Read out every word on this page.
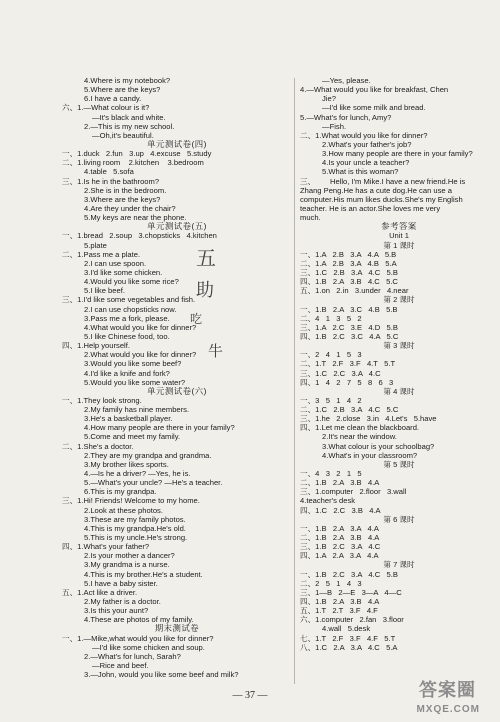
4.Where is my notebook?
5.Where are the keys?
6.I have a candy.
六、1.—What colour is it?
—It's black and white.
2.—This is my new school.
—Oh,it's beautiful.
单元测试卷(四)
一、1.duck   2.fun   3.up   4.excuse   5.study
二、1.living room    2.kitchen    3.bedroom
4.table   5.sofa
三、1.Is he in the bathroom?
2.She is in the bedroom.
3.Where are the keys?
4.Are they under the chair?
5.My keys are near the phone.
单元测试卷(五)
一、1.bread   2.soup   3.chopsticks   4.kitchen
5.plate
二、1.Pass me a plate.
2.I can use spoon.
3.I'd like some chicken.
4.Would you like some rice?
5.I like beef.
三、1.I'd like some vegetables and fish.
2.I can use chopsticks now.
3.Pass me a fork, please.
4.What would you like for dinner?
5.I like Chinese food, too.
四、1.Help yourself.
2.What would you like for dinner?
3.Would you like some beef?
4.I'd like a knife and fork?
5.Would you like some water?
单元测试卷(六)
一、1.They look strong.
2.My family has nine members.
3.He's a basketball player.
4.How many people are there in your family?
5.Come and meet my family.
二、1.She's a doctor.
2.They are my grandpa and grandma.
3.My brother likes sports.
4.—Is he a driver? —Yes, he is.
5.—What's your uncle? —He's a teacher.
6.This is my grandpa.
三、1.Hi! Friends! Welcome to my home.
2.Look at these photos.
3.These are my family photos.
4.This is my grandpa.He's old.
5.This is my uncle.He's strong.
四、1.What's your father?
2.Is your mother a dancer?
3.My grandma is a nurse.
4.This is my brother.He's a student.
5.I have a baby sister.
五、1.Act like a driver.
2.My father is a doctor.
3.Is this your aunt?
4.These are photos of my family.
期末测试卷
一、1.—Mike,what would you like for dinner?
—I'd like some chicken and soup.
2.—What's for lunch, Sarah?
—Rice and beef.
3.—John, would you like some beef and milk?
—Yes, please.
4.—What would you like for breakfast, Chen
Jie?
—I'd like some milk and bread.
5.—What's for lunch, Amy?
—Fish.
二、1.What would you like for dinner?
2.What's your father's job?
3.How many people are there in your family?
4.Is your uncle a teacher?
5.What is this woman?
三、       Hello, I'm Mike.I have a new friend.He is
Zhang Peng.He has a cute dog.He can use a
computer.His mum likes ducks.She's my English
teacher. He is an actor.She loves me very
much.
参考答案
Unit 1
第 1 课时
一、1.A   2.B   3.A   4.A   5.B
二、1.A   2.B   3.A   4.B   5.A
三、1.C   2.B   3.A   4.C   5.B
四、1.B   2.A   3.B   4.C   5.C
五、1.on   2.in   3.under   4.near
第 2 课时
一、1.B   2.A   3.C   4.B   5.B
二、4   1   3   5   2
三、1.A   2.C   3.E   4.D   5.B
四、1.B   2.C   3.C   4.A   5.C
第 3 课时
一、2   4   1   5   3
二、1.T   2.F   3.F   4.T   5.T
三、1.C   2.C   3.A   4.C
四、1   4   2   7   5   8   6   3
第 4 课时
一、3   5   1   4   2
二、1.C   2.B   3.A   4.C   5.C
三、1.he   2.close   3.in   4.Let's   5.have
四、1.Let me clean the blackboard.
2.It's near the window.
3.What colour is your schoolbag?
4.What's in your classroom?
第 5 课时
一、4   3   2   1   5
二、1.B   2.A   3.B   4.A
三、1.computer   2.floor   3.wall
4.teacher's desk
四、1.C   2.C   3.B   4.A
第 6 课时
一、1.B   2.A   3.A   4.A
二、1.B   2.A   3.B   4.A
三、1.B   2.C   3.A   4.C
四、1.A   2.A   3.A   4.A
第 7 课时
一、1.B   2.C   3.A   4.C   5.B
二、2   5   1   4   3
三、1—B   2—E   3—A   4—C
四、1.B   2.A   3.B   4.A
五、1.T   2.T   3.F   4.F
六、1.computer   2.fan   3.floor
4.wall   5.desk
七、1.T   2.F   3.F   4.F   5.T
八、1.C   2.A   3.A   4.C   5.A
五
助
吃
牛
— 37 —	答案圈
MXQE.COM
